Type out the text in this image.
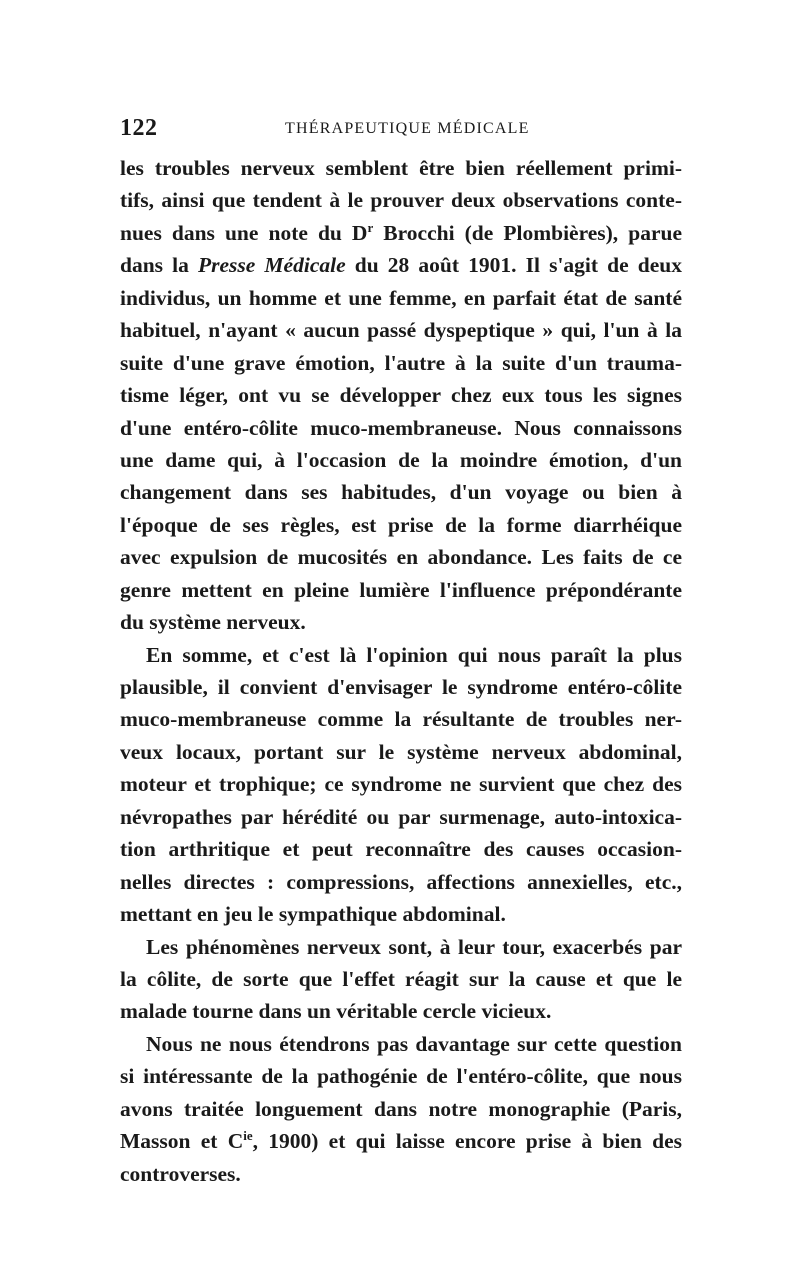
122	THÉRAPEUTIQUE MÉDICALE
les troubles nerveux semblent être bien réellement primi-
tifs, ainsi que tendent à le prouver deux observations conte-
nues dans une note du $D^r$ Brocchi (de Plombières), parue
dans la Presse Médicale du 28 août 1901. Il s'agit de deux
individus, un homme et une femme, en parfait état de santé
habituel, n'ayant « aucun passé dyspeptique » qui, l'un à la
suite d'une grave émotion, l'autre à la suite d'un trauma-
tisme léger, ont vu se développer chez eux tous les signes
d'une entéro-côlite muco-membraneuse. Nous connaissons
une dame qui, à l'occasion de la moindre émotion, d'un
changement dans ses habitudes, d'un voyage ou bien à
l'époque de ses règles, est prise de la forme diarrhéique
avec expulsion de mucosités en abondance. Les faits de ce
genre mettent en pleine lumière l'influence prépondérante
du système nerveux.
En somme, et c'est là l'opinion qui nous paraît la plus
plausible, il convient d'envisager le syndrome entéro-côlite
muco-membraneuse comme la résultante de troubles ner-
veux locaux, portant sur le système nerveux abdominal,
moteur et trophique; ce syndrome ne survient que chez des
névropathes par hérédité ou par surmenage, auto-intoxica-
tion arthritique et peut reconnaître des causes occasion-
nelles directes : compressions, affections annexielles, etc.,
mettant en jeu le sympathique abdominal.
Les phénomènes nerveux sont, à leur tour, exacerbés par
la côlite, de sorte que l'effet réagit sur la cause et que le
malade tourne dans un véritable cercle vicieux.
Nous ne nous étendrons pas davantage sur cette question
si intéressante de la pathogénie de l'entéro-côlite, que nous
avons traitée longuement dans notre monographie (Paris,
Masson et $C^{ie}$, 1900) et qui laisse encore prise à bien des
controverses.
